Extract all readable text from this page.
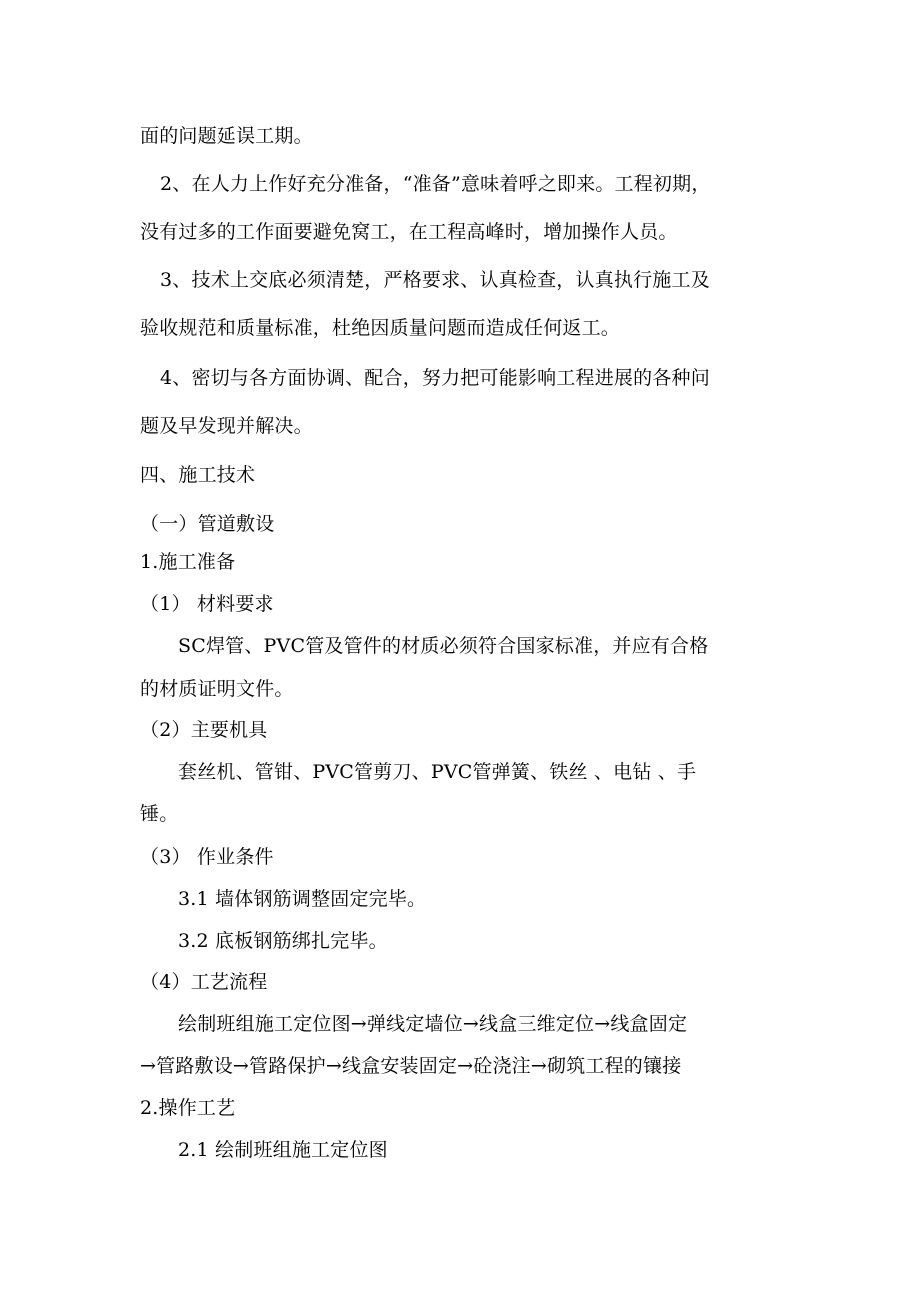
面的问题延误工期。
2、在人力上作好充分准备，“准备”意味着呼之即来。工程初期，
没有过多的工作面要避免窝工，在工程高峰时，增加操作人员。
3、技术上交底必须清楚，严格要求、认真检查，认真执行施工及
验收规范和质量标准，杜绝因质量问题而造成任何返工。
4、密切与各方面协调、配合，努力把可能影响工程进展的各种问
题及早发现并解决。
四、施工技术
（一）管道敷设
1.施工准备
（1） 材料要求
SC焊管、PVC管及管件的材质必须符合国家标准，并应有合格
的材质证明文件。
（2）主要机具
套丝机、管钳、PVC管剪刀、PVC管弹簧、铁丝 、电钻 、手
锤。
（3） 作业条件
3.1 墙体钢筋调整固定完毕。
3.2 底板钢筋绑扎完毕。
（4）工艺流程
绘制班组施工定位图→弹线定墙位→线盒三维定位→线盒固定
→管路敷设→管路保护→线盒安装固定→砼浇注→砌筑工程的镶接
2.操作工艺
2.1 绘制班组施工定位图
